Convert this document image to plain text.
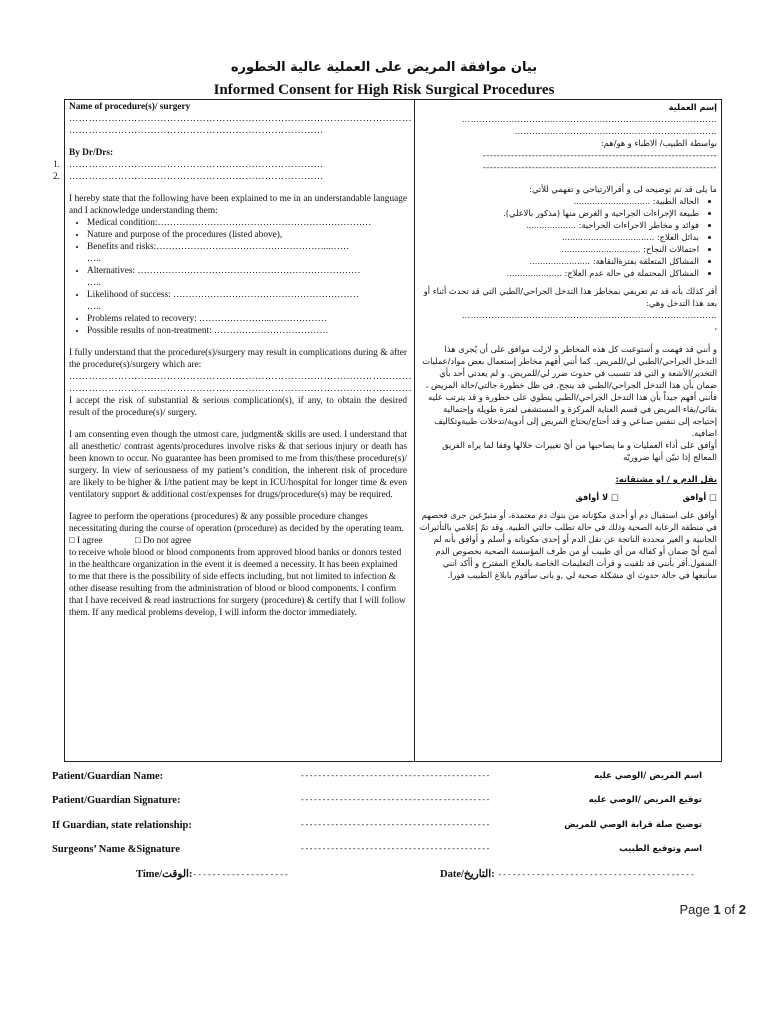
بيان موافقة المريض على العملية عالية الخطوره
Informed Consent for High Risk Surgical Procedures
Name of procedure(s)/ surgery
……………………………………………………………………………………………
……………………………………………………………………
By Dr/Drs:
1. ……………………………………………………………………
2. ……………………………………………………………………
I hereby state that the following have been explained to me in an understandable language and I acknowledge understanding them:
• Medical condition:……………………………………………………………
• Nature and purpose of the procedures (listed above),
• Benefits and risks:………………………………………………...……
…..
• Alternatives: ………………………………………………………………
…..
• Likelihood of success: ……………………………………………………
…..
• Problems related to recovery: …………………...………………
• Possible results of non-treatment: ……………………………….
I fully understand that the procedure(s)/surgery may result in complications during & after the procedure(s)/surgery which are:
……………………………………………………………………………………………
……………………………………………………………………………………………
I accept the risk of substantial & serious complication(s), if any, to obtain the desired result of the procedure(s)/ surgery.
I am consenting even though the utmost care, judgment& skills are used. I understand that all anesthetic/ contrast agents/procedures involve risks & that serious injury or death has been known to occur. No guarantee has been promised to me from this/these procedure(s)/ surgery. In view of seriousness of my patient’s condition, the inherent risk of procedure are likely to be higher & I/the patient may be kept in ICU/hospital for longer time & even ventilatory support & additional cost/expenses for drugs/procedure(s) may be required.
Iagree to perform the operations (procedures) & any possible procedure changes necessitating during the course of operation (procedure) as decided by the operating team.
□ I agree	□ Do not agree
to receive whole blood or blood components from approved blood banks or donors tested in the healthcare organization in the event it is deemed a necessity. It has been explained to me that there is the possibility of side effects including, but not limited to infection & other disease resulting from the administration of blood or blood components. I confirm that I have received & read instructions for surgery (procedure) & certify that I will follow them. If any medical problems develop, I will inform the doctor immediately.
إسم العملية
……………………………………………………………………………
……………………………………………………………
بواسطة الطبيب/ الاطباء و هو/هم:
-------------------------------------------------------------------
-------------------------------------------------------------------
ما يلى قد تم توضيحه لى و أقرالارتياحي و تفهمي للأتي:
• الحالة الطبية: .............................
• طبيعة الإجراءات الجراحية و الغرض منها (مذكور بالاعلي).
• فوائد و مخاطر الاجراءات الجراحية: ...................
• بدائل العلاج: ...................................
• احتمالات النجاح: ..............................
• المشاكل المتعلقة بفترةالنقاهة: .......................
• المشاكل المحتملة في حالة عدم العلاج: .....................
أقر كذلك بأنه قد تم تعريفي بمخاطر هذا التدخل الجراحي/الطبي التي قد تحدث أثناء أو بعد هذا التدخل وهي:
……………………………………………………………………………
،
و أنني قد فهمت و أستوعبت كل هذه المخاطر و لازلت موافق على أن يُجرى هذا التدخل الجراحي/الطبي لي/للمريض. كما أنني أفهم مخاطر إستعمال بعض مواد/عمليات التخدير/الأشعة و التي قد تتسبب في حدوث ضرر لي/للمريض. و لم يعدني أحد بأي ضمان بأن هذا التدخل الجراحي/الطبي قد ينجح. في ظل خطورة حالتي/حالة المريض ، فأنني أفهم جيداً بأن هذا التدخل الجراحي/الطبي ينطوي على خطورة و قد يترتب عليه بقائي/بقاء المريض في قسم العناية المركزة و المستشفى لفترة طويلة وإحتمالية إحتياجه إلى تنفس صناعي و قد أحتاج/يحتاج المريض إلى أدوية/تدخلات طبيةوتكاليف اضافية.
أوافق على أداء العمليات و ما يصاحبها من أيّ تغييرات خلالها وفقا لما يراه الفريق المعالج إذا تبيّن أنها ضروريّه
نقل الدم و / او مشتقاته:
□ أوافق                      □ لا أوافق
أوافق على استقبال دم أو أحدى مكوّناته من بنوك دم معتمدة، أو متبرّعين جرى فحصهم في منطقة الرعاية الصحية وذلك في حالة تطلب حالتي الطبية. وقد تمّ إعلامي بالتأثيرات الجانبية و الغير محددة الناتجة عن نقل الدم أو إحدى مكوناته و أسلم و أوافق بأنه لم أمنح أيّ ضمان أو كفالة من أي طبيب أو من طرف المؤسسة الصحية بخصوص الدم المنقول.أقر بأنني قد تلقيت و قرأت التعليمات الخاصة بالعلاج المقترح و أأكد انني سأتبعها في حالة حدوث اي مشكلة صحية لي ,و بانى سأقوم بابلاغ الطبيب فورا.
Patient/Guardian Name:	--------------------------------------------	اسم المريض /الوصي عليه
Patient/Guardian Signature:	--------------------------------------------	توقيع المريض /الوصي عليه
If Guardian, state relationship:	--------------------------------------------	توضيح صلة قرابة الوصي للمريض
Surgeons’ Name &Signature	--------------------------------------------	اسم وتوقيع الطبيب
Time/الوقت:--------------------	Date/التاريخ: -----------------------------------------
Page 1 of 2
